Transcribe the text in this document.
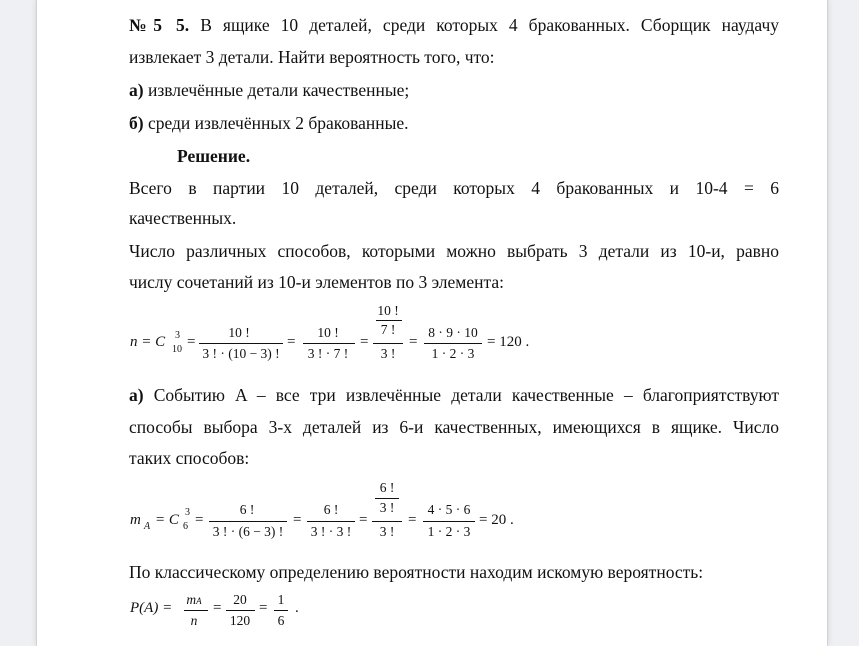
№5 5. В ящике 10 деталей, среди которых 4 бракованных. Сборщик наудачу
извлекает 3 детали. Найти вероятность того, что:
а) извлечённые детали качественные;
б) среди извлечённых 2 бракованные.
Решение.
Всего в партии 10 деталей, среди которых 4 бракованных и 10-4 = 6
качественных.
Число различных способов, которыми можно выбрать 3 детали из 10-и, равно
числу сочетаний из 10-и элементов по 3 элемента:
n = C 3
10 =
10 !
3 ! · (10 − 3) !
=
10 !
3 ! · 7 !
=
10 !
7 !
3 !
=
8 · 9 · 10
1 · 2 · 3
= 120 .
а) Событию A – все три извлечённые детали качественные – благоприятствуют
способы выбора 3-х деталей из 6-и качественных, имеющихся в ящике. Число
таких способов:
m A = C 3
6 =
6 !
3 ! · (6 − 3) !
=
6 !
3 ! · 3 !
=
6 !
3 !
3 !
=
4 · 5 · 6
1 · 2 · 3
= 20 .
По классическому определению вероятности находим искомую вероятность:
P(A) =
mA
n
=
20
120
=
1
6
.
